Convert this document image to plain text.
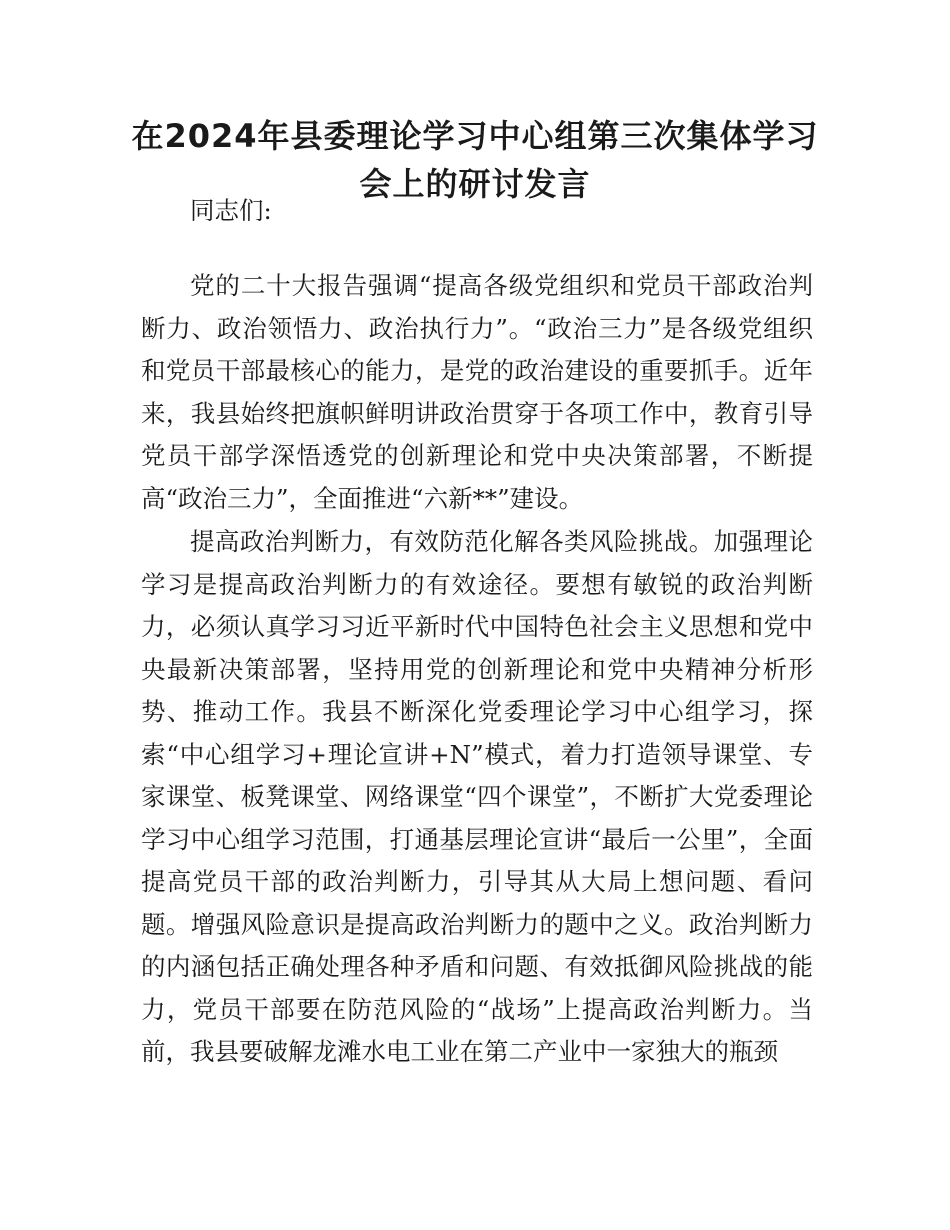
在2024年县委理论学习中心组第三次集体学习
会上的研讨发言

同志们:

党的二十大报告强调“提高各级党组织和党员干部政治判断力、政治领悟力、政治执行力”。“政治三力”是各级党组织和党员干部最核心的能力，是党的政治建设的重要抓手。近年来，我县始终把旗帜鲜明讲政治贯穿于各项工作中，教育引导党员干部学深悟透党的创新理论和党中央决策部署，不断提高“政治三力”，全面推进“六新**”建设。

提高政治判断力，有效防范化解各类风险挑战。加强理论学习是提高政治判断力的有效途径。要想有敏锐的政治判断力，必须认真学习习近平新时代中国特色社会主义思想和党中央最新决策部署，坚持用党的创新理论和党中央精神分析形势、推动工作。我县不断深化党委理论学习中心组学习，探索“中心组学习+理论宣讲+N”模式，着力打造领导课堂、专家课堂、板凳课堂、网络课堂“四个课堂”，不断扩大党委理论学习中心组学习范围，打通基层理论宣讲“最后一公里”，全面提高党员干部的政治判断力，引导其从大局上想问题、看问题。增强风险意识是提高政治判断力的题中之义。政治判断力的内涵包括正确处理各种矛盾和问题、有效抵御风险挑战的能力，党员干部要在防范风险的“战场”上提高政治判断力。当前，我县要破解龙滩水电工业在第二产业中一家独大的瓶颈
